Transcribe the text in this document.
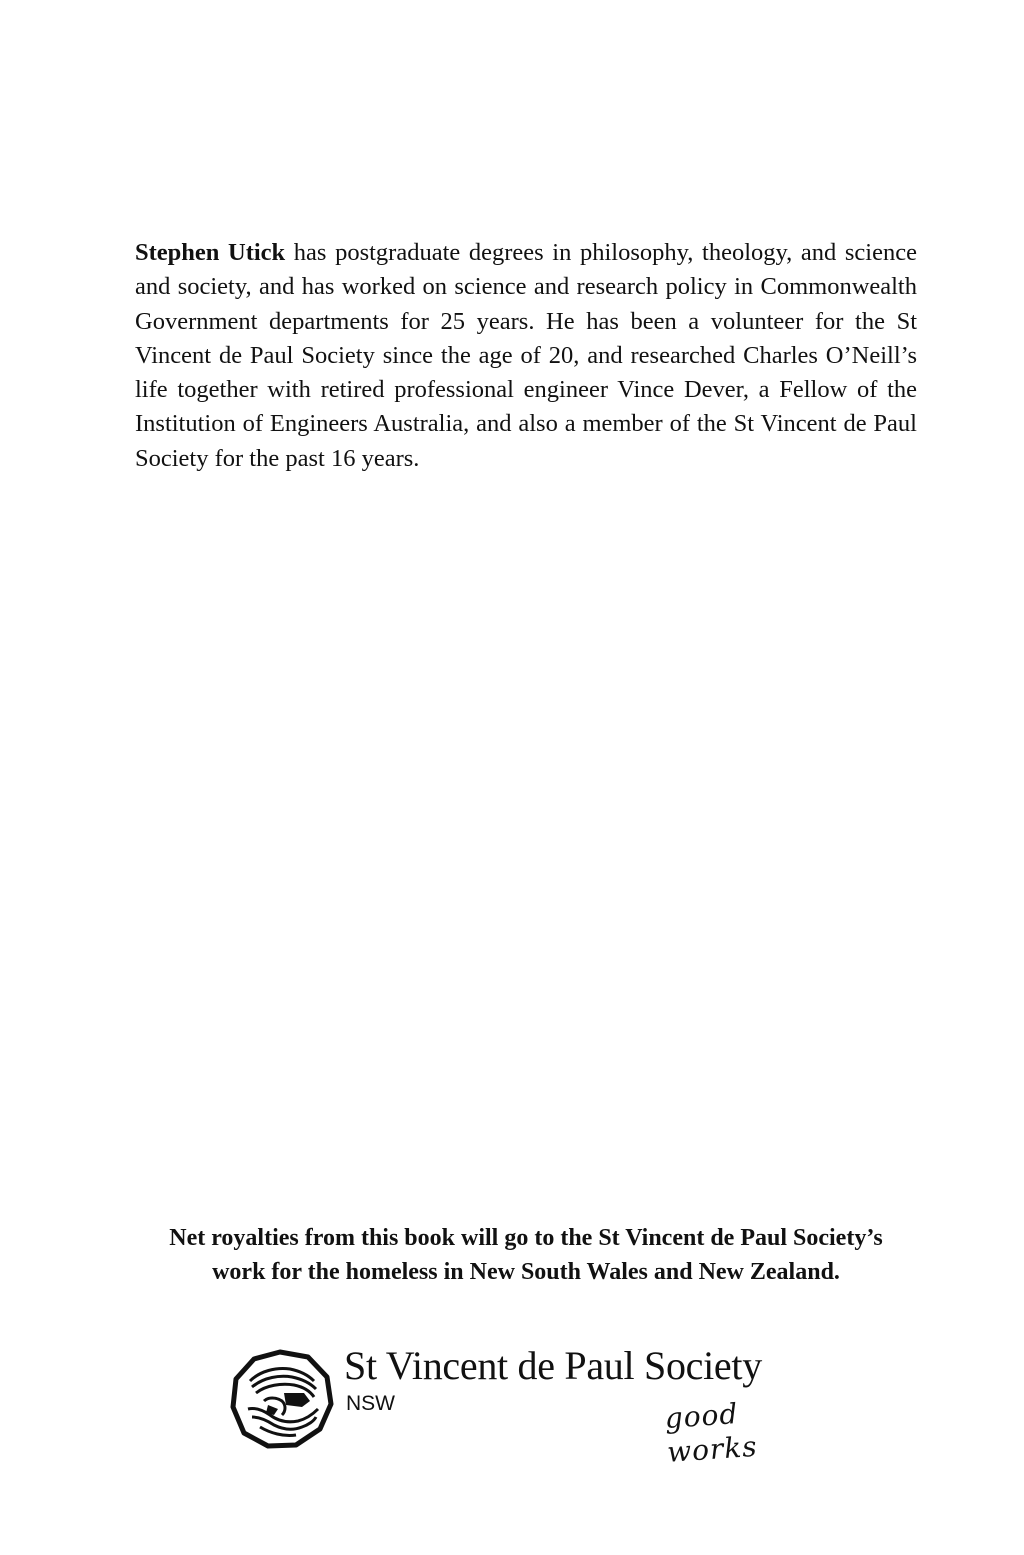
Stephen Utick has postgraduate degrees in philosophy, theology, and science and society, and has worked on science and research policy in Commonwealth Government departments for 25 years. He has been a volunteer for the St Vincent de Paul Society since the age of 20, and researched Charles O’Neill’s life together with retired professional engineer Vince Dever, a Fellow of the Institution of Engineers Australia, and also a member of the St Vincent de Paul Society for the past 16 years.

Net royalties from this book will go to the St Vincent de Paul Society’s
work for the homeless in New South Wales and New Zealand.

St Vincent de Paul Society

NSW	good works
